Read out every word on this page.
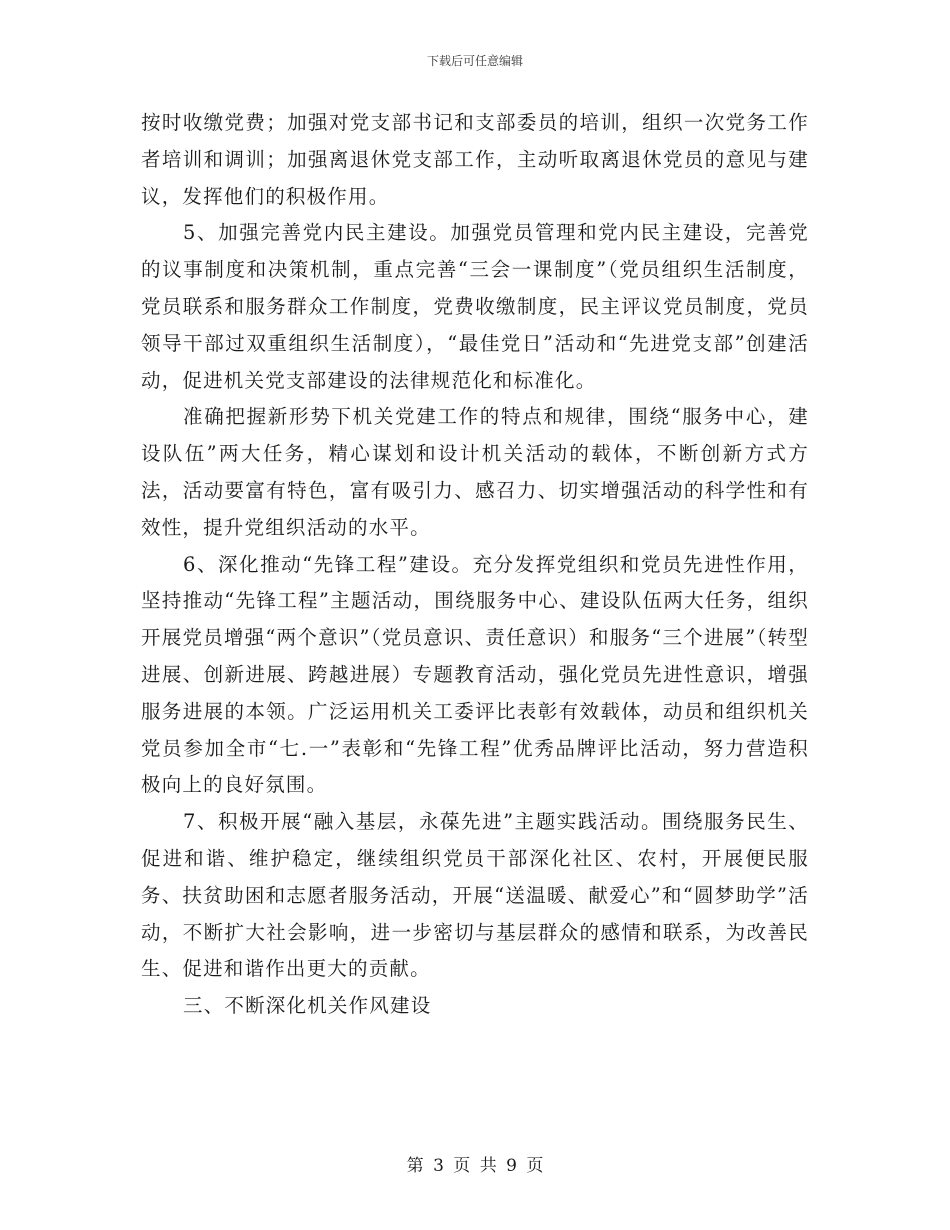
下载后可任意编辑

按时收缴党费；加强对党支部书记和支部委员的培训，组织一次党务工作者培训和调训；加强离退休党支部工作，主动听取离退休党员的意见与建议，发挥他们的积极作用。

5、加强完善党内民主建设。加强党员管理和党内民主建设，完善党的议事制度和决策机制，重点完善“三会一课制度”（党员组织生活制度，党员联系和服务群众工作制度，党费收缴制度，民主评议党员制度，党员领导干部过双重组织生活制度），“最佳党日”活动和“先进党支部”创建活动，促进机关党支部建设的法律规范化和标准化。

准确把握新形势下机关党建工作的特点和规律，围绕“服务中心，建设队伍”两大任务，精心谋划和设计机关活动的载体，不断创新方式方法，活动要富有特色，富有吸引力、感召力、切实增强活动的科学性和有效性，提升党组织活动的水平。

6、深化推动“先锋工程”建设。充分发挥党组织和党员先进性作用，坚持推动“先锋工程”主题活动，围绕服务中心、建设队伍两大任务，组织开展党员增强“两个意识”（党员意识、责任意识）和服务“三个进展”（转型进展、创新进展、跨越进展）专题教育活动，强化党员先进性意识，增强服务进展的本领。广泛运用机关工委评比表彰有效载体，动员和组织机关党员参加全市“七.一”表彰和“先锋工程”优秀品牌评比活动，努力营造积极向上的良好氛围。

7、积极开展“融入基层，永葆先进”主题实践活动。围绕服务民生、促进和谐、维护稳定，继续组织党员干部深化社区、农村，开展便民服务、扶贫助困和志愿者服务活动，开展“送温暖、献爱心”和“圆梦助学”活动，不断扩大社会影响，进一步密切与基层群众的感情和联系，为改善民生、促进和谐作出更大的贡献。

三、不断深化机关作风建设

第 3 页 共 9 页
